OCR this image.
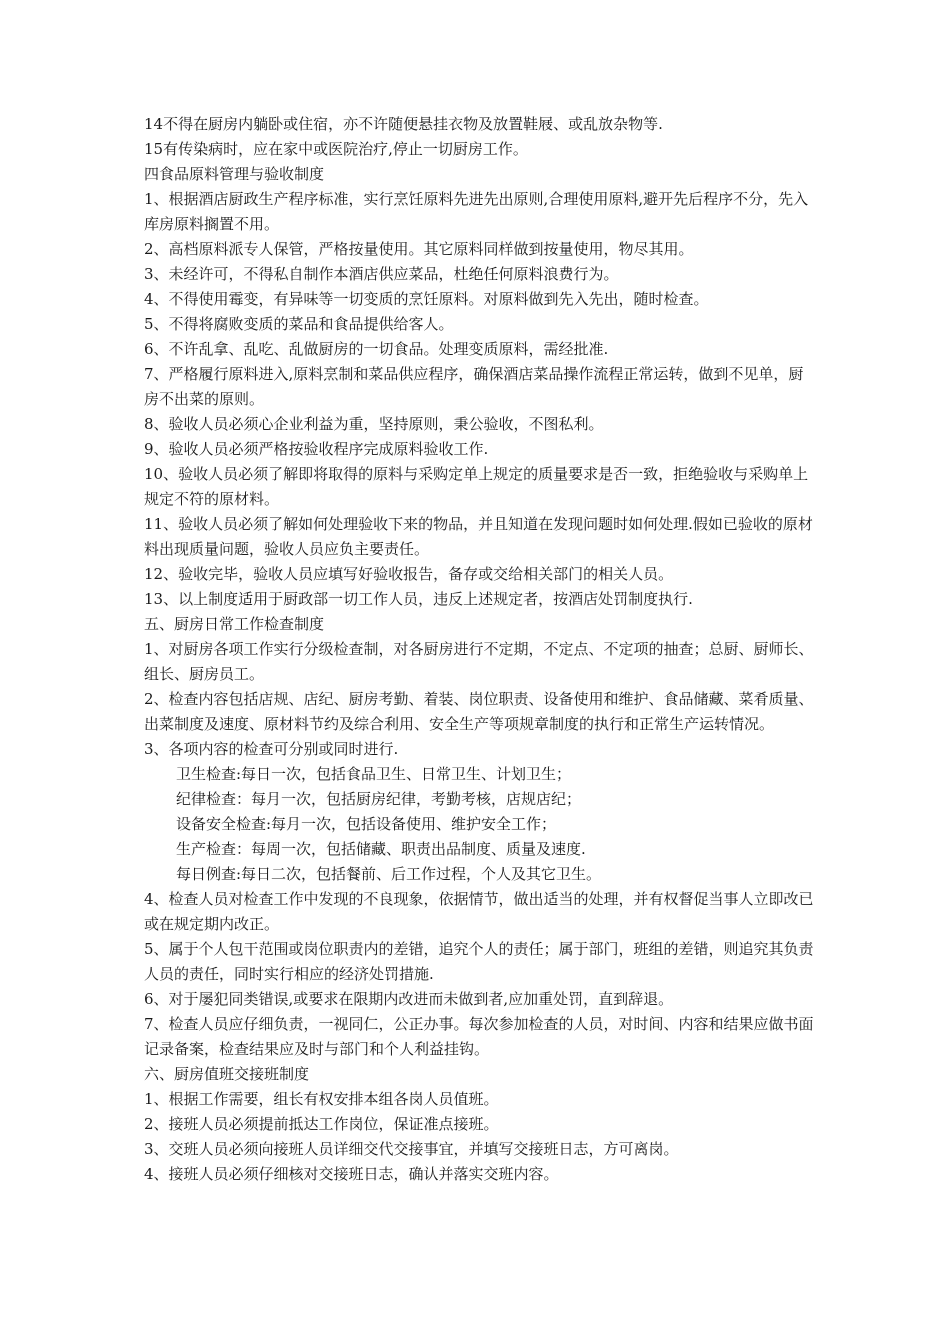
14不得在厨房内躺卧或住宿，亦不许随便悬挂衣物及放置鞋屐、或乱放杂物等.

15有传染病时，应在家中或医院治疗,停止一切厨房工作。

四食品原料管理与验收制度

1、根据酒店厨政生产程序标准，实行烹饪原料先进先出原则,合理使用原料,避开先后程序不分，先入库房原料搁置不用。

2、高档原料派专人保管，严格按量使用。其它原料同样做到按量使用，物尽其用。

3、未经许可，不得私自制作本酒店供应菜品，杜绝任何原料浪费行为。

4、不得使用霉变，有异味等一切变质的烹饪原料。对原料做到先入先出，随时检查。

5、不得将腐败变质的菜品和食品提供给客人。

6、不许乱拿、乱吃、乱做厨房的一切食品。处理变质原料，需经批准.

7、严格履行原料进入,原料烹制和菜品供应程序，确保酒店菜品操作流程正常运转，做到不见单，厨房不出菜的原则。

8、验收人员必须心企业利益为重，坚持原则，秉公验收，不图私利。

9、验收人员必须严格按验收程序完成原料验收工作.

10、验收人员必须了解即将取得的原料与采购定单上规定的质量要求是否一致，拒绝验收与采购单上规定不符的原材料。

11、验收人员必须了解如何处理验收下来的物品，并且知道在发现问题时如何处理.假如已验收的原材料出现质量问题，验收人员应负主要责任。

12、验收完毕，验收人员应填写好验收报告，备存或交给相关部门的相关人员。

13、以上制度适用于厨政部一切工作人员，违反上述规定者，按酒店处罚制度执行.

五、厨房日常工作检查制度

1、对厨房各项工作实行分级检查制，对各厨房进行不定期，不定点、不定项的抽查；总厨、厨师长、组长、厨房员工。

2、检查内容包括店规、店纪、厨房考勤、着装、岗位职责、设备使用和维护、食品储藏、菜肴质量、出菜制度及速度、原材料节约及综合利用、安全生产等项规章制度的执行和正常生产运转情况。

3、各项内容的检查可分别或同时进行.

卫生检查:每日一次，包括食品卫生、日常卫生、计划卫生；

纪律检查：每月一次，包括厨房纪律，考勤考核，店规店纪；

设备安全检查:每月一次，包括设备使用、维护安全工作；

生产检查：每周一次，包括储藏、职责出品制度、质量及速度.

每日例查:每日二次，包括餐前、后工作过程，个人及其它卫生。

4、检查人员对检查工作中发现的不良现象，依据情节，做出适当的处理，并有权督促当事人立即改已或在规定期内改正。

5、属于个人包干范围或岗位职责内的差错，追究个人的责任；属于部门，班组的差错，则追究其负责人员的责任，同时实行相应的经济处罚措施.

6、对于屡犯同类错误,或要求在限期内改进而未做到者,应加重处罚，直到辞退。

7、检查人员应仔细负责，一视同仁，公正办事。每次参加检查的人员，对时间、内容和结果应做书面记录备案，检查结果应及时与部门和个人利益挂钩。

六、厨房值班交接班制度

1、根据工作需要，组长有权安排本组各岗人员值班。

2、接班人员必须提前抵达工作岗位，保证准点接班。

3、交班人员必须向接班人员详细交代交接事宜，并填写交接班日志，方可离岗。

4、接班人员必须仔细核对交接班日志，确认并落实交班内容。
